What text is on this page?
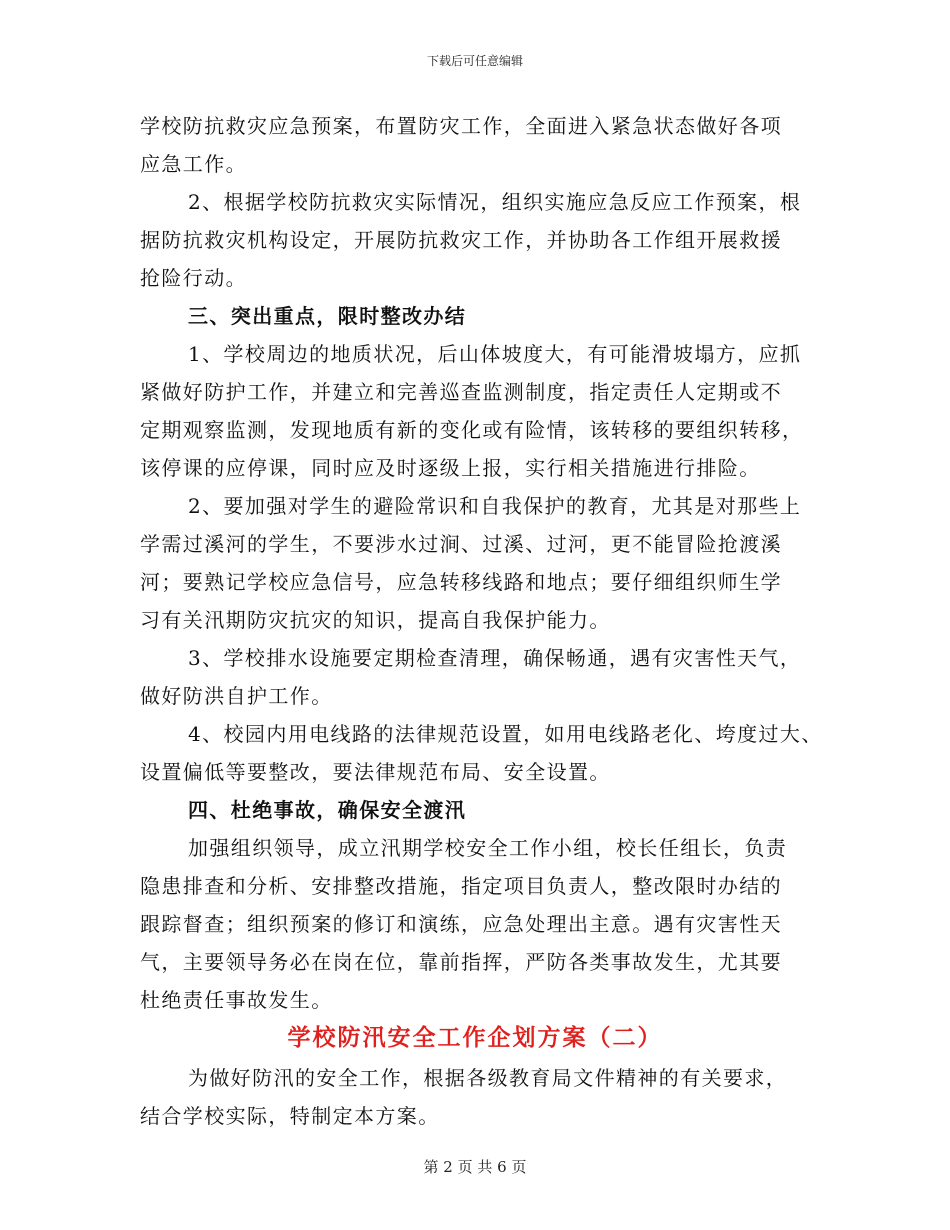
下载后可任意编辑
学校防抗救灾应急预案，布置防灾工作，全面进入紧急状态做好各项
应急工作。
2、根据学校防抗救灾实际情况，组织实施应急反应工作预案，根
据防抗救灾机构设定，开展防抗救灾工作，并协助各工作组开展救援
抢险行动。
三、突出重点，限时整改办结
1、学校周边的地质状况，后山体坡度大，有可能滑坡塌方，应抓
紧做好防护工作，并建立和完善巡查监测制度，指定责任人定期或不
定期观察监测，发现地质有新的变化或有险情，该转移的要组织转移，
该停课的应停课，同时应及时逐级上报，实行相关措施进行排险。
2、要加强对学生的避险常识和自我保护的教育，尤其是对那些上
学需过溪河的学生，不要涉水过涧、过溪、过河，更不能冒险抢渡溪
河；要熟记学校应急信号，应急转移线路和地点；要仔细组织师生学
习有关汛期防灾抗灾的知识，提高自我保护能力。
3、学校排水设施要定期检查清理，确保畅通，遇有灾害性天气，
做好防洪自护工作。
4、校园内用电线路的法律规范设置，如用电线路老化、垮度过大、
设置偏低等要整改，要法律规范布局、安全设置。
四、杜绝事故，确保安全渡汛
加强组织领导，成立汛期学校安全工作小组，校长任组长，负责
隐患排查和分析、安排整改措施，指定项目负责人，整改限时办结的
跟踪督查；组织预案的修订和演练，应急处理出主意。遇有灾害性天
气，主要领导务必在岗在位，靠前指挥，严防各类事故发生，尤其要
杜绝责任事故发生。
学校防汛安全工作企划方案（二）
为做好防汛的安全工作，根据各级教育局文件精神的有关要求，
结合学校实际，特制定本方案。
第 2 页 共 6 页
